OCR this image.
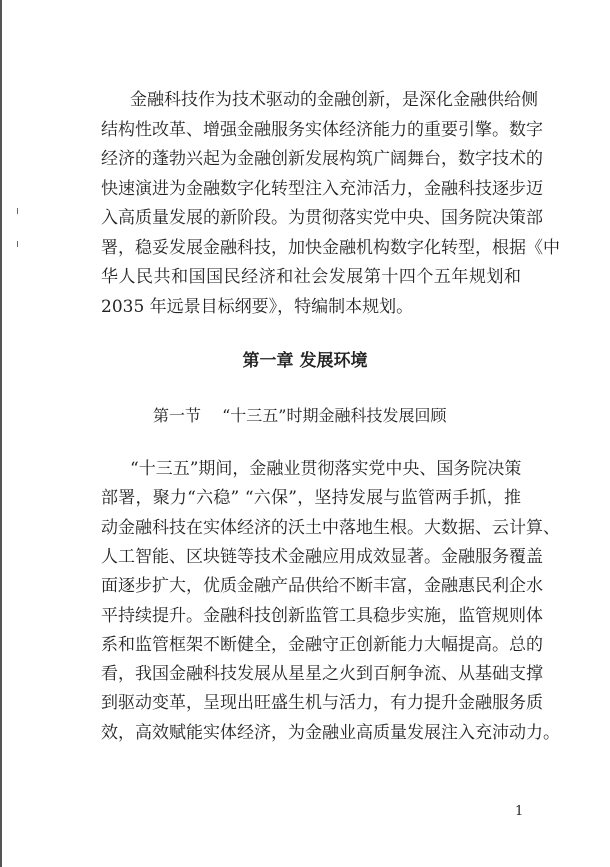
金融科技作为技术驱动的金融创新，是深化金融供给侧
结构性改革、增强金融服务实体经济能力的重要引擎。数字
经济的蓬勃兴起为金融创新发展构筑广阔舞台，数字技术的
快速演进为金融数字化转型注入充沛活力，金融科技逐步迈
入高质量发展的新阶段。为贯彻落实党中央、国务院决策部
署，稳妥发展金融科技，加快金融机构数字化转型，根据《中
华人民共和国国民经济和社会发展第十四个五年规划和
2035 年远景目标纲要》，特编制本规划。
第一章 发展环境
第一节　 “十三五”时期金融科技发展回顾
“十三五”期间，金融业贯彻落实党中央、国务院决策
部署，聚力“六稳” “六保”，坚持发展与监管两手抓，推
动金融科技在实体经济的沃土中落地生根。大数据、云计算、
人工智能、区块链等技术金融应用成效显著。金融服务覆盖
面逐步扩大，优质金融产品供给不断丰富，金融惠民利企水
平持续提升。金融科技创新监管工具稳步实施，监管规则体
系和监管框架不断健全，金融守正创新能力大幅提高。总的
看，我国金融科技发展从星星之火到百舸争流、从基础支撑
到驱动变革，呈现出旺盛生机与活力，有力提升金融服务质
效，高效赋能实体经济，为金融业高质量发展注入充沛动力。
1
